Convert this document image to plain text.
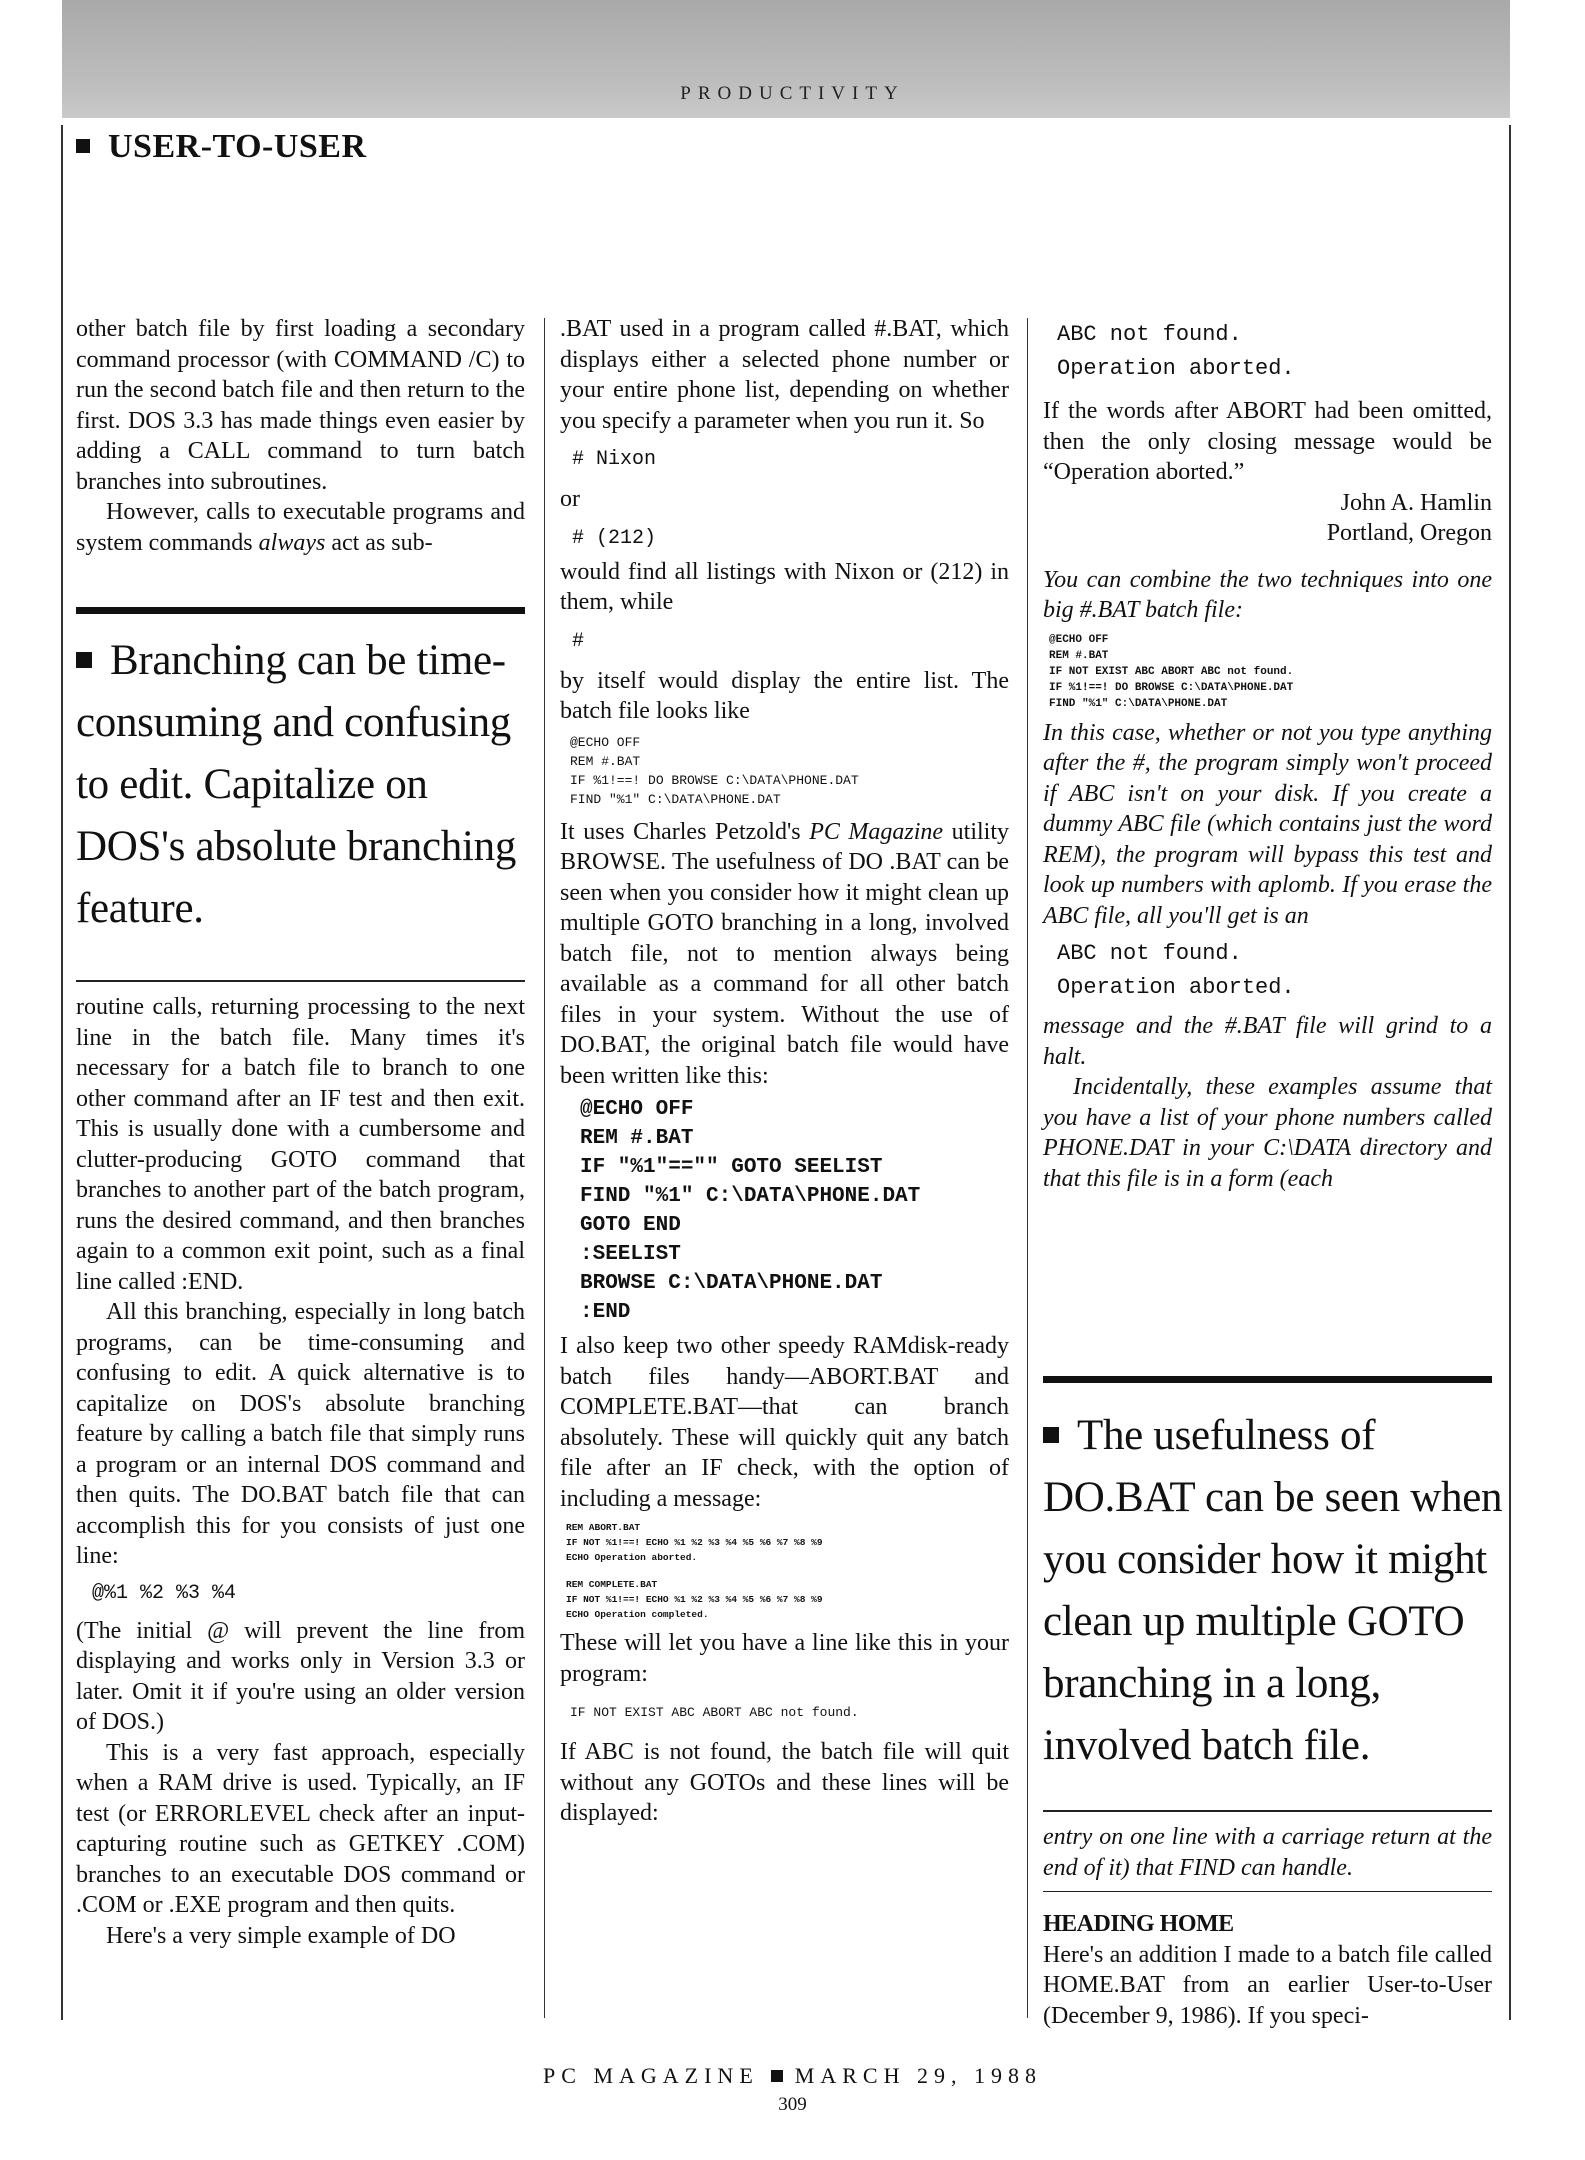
PRODUCTIVITY
USER-TO-USER

other batch file by first loading a secondary command processor (with COMMAND /C) to run the second batch file and then return to the first. DOS 3.3 has made things even easier by adding a CALL command to turn batch branches into subroutines.

However, calls to executable programs and system commands always act as sub-

Branching can be time-consuming and confusing to edit. Capitalize on DOS's absolute branching feature.

routine calls, returning processing to the next line in the batch file. Many times it's necessary for a batch file to branch to one other command after an IF test and then exit. This is usually done with a cumbersome and clutter-producing GOTO command that branches to another part of the batch program, runs the desired command, and then branches again to a common exit point, such as a final line called :END.

All this branching, especially in long batch programs, can be time-consuming and confusing to edit. A quick alternative is to capitalize on DOS's absolute branching feature by calling a batch file that simply runs a program or an internal DOS command and then quits. The DO.BAT batch file that can accomplish this for you consists of just one line:

@%1 %2 %3 %4

(The initial @ will prevent the line from displaying and works only in Version 3.3 or later. Omit it if you're using an older version of DOS.)

This is a very fast approach, especially when a RAM drive is used. Typically, an IF test (or ERRORLEVEL check after an input-capturing routine such as GETKEY .COM) branches to an executable DOS command or .COM or .EXE program and then quits.

Here's a very simple example of DO

.BAT used in a program called #.BAT, which displays either a selected phone number or your entire phone list, depending on whether you specify a parameter when you run it. So

# Nixon

or

# (212)

would find all listings with Nixon or (212) in them, while

#

by itself would display the entire list. The batch file looks like

@ECHO OFF
REM #.BAT
IF %1!==! DO BROWSE C:\DATA\PHONE.DAT
FIND "%1" C:\DATA\PHONE.DAT

It uses Charles Petzold's PC Magazine utility BROWSE. The usefulness of DO .BAT can be seen when you consider how it might clean up multiple GOTO branching in a long, involved batch file, not to mention always being available as a command for all other batch files in your system. Without the use of DO.BAT, the original batch file would have been written like this:

@ECHO OFF
REM #.BAT
IF "%1"=="" GOTO SEELIST
FIND "%1" C:\DATA\PHONE.DAT
GOTO END
:SEELIST
BROWSE C:\DATA\PHONE.DAT
:END

I also keep two other speedy RAMdisk-ready batch files handy—ABORT.BAT and COMPLETE.BAT—that can branch absolutely. These will quickly quit any batch file after an IF check, with the option of including a message:

REM ABORT.BAT
IF NOT %1!==! ECHO %1 %2 %3 %4 %5 %6 %7 %8 %9
ECHO Operation aborted.
REM COMPLETE.BAT
IF NOT %1!==! ECHO %1 %2 %3 %4 %5 %6 %7 %8 %9
ECHO Operation completed.

These will let you have a line like this in your program:

IF NOT EXIST ABC ABORT ABC not found.

If ABC is not found, the batch file will quit without any GOTOs and these lines will be displayed:

ABC not found.
Operation aborted.

If the words after ABORT had been omitted, then the only closing message would be “Operation aborted.”

John A. Hamlin

Portland, Oregon

You can combine the two techniques into one big #.BAT batch file:

@ECHO OFF
REM #.BAT
IF NOT EXIST ABC ABORT ABC not found.
IF %1!==! DO BROWSE C:\DATA\PHONE.DAT
FIND "%1" C:\DATA\PHONE.DAT

In this case, whether or not you type anything after the #, the program simply won't proceed if ABC isn't on your disk. If you create a dummy ABC file (which contains just the word REM), the program will bypass this test and look up numbers with aplomb. If you erase the ABC file, all you'll get is an

ABC not found.
Operation aborted.

message and the #.BAT file will grind to a halt.

Incidentally, these examples assume that you have a list of your phone numbers called PHONE.DAT in your C:\DATA directory and that this file is in a form (each

The usefulness of DO.BAT can be seen when you consider how it might clean up multiple GOTO branching in a long, involved batch file.

entry on one line with a carriage return at the end of it) that FIND can handle.

HEADING HOME

Here's an addition I made to a batch file called HOME.BAT from an earlier User-to-User (December 9, 1986). If you speci-

PC MAGAZINE MARCH 29, 1988
309
